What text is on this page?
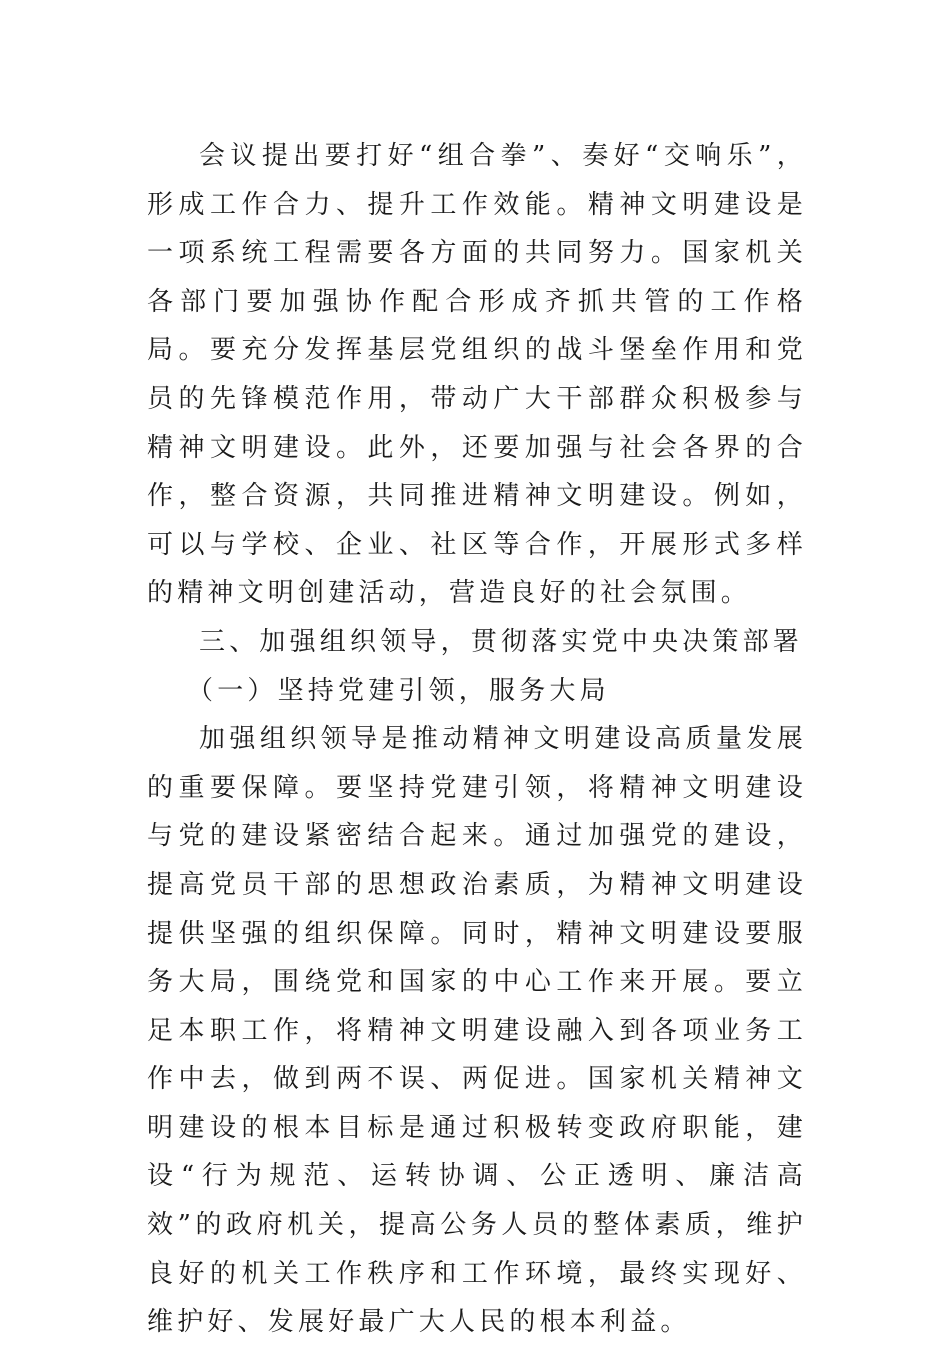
会议提出要打好“组合拳”、奏好“交响乐”，形成工作合力、提升工作效能。精神文明建设是一项系统工程需要各方面的共同努力。国家机关各部门要加强协作配合形成齐抓共管的工作格局。要充分发挥基层党组织的战斗堡垒作用和党员的先锋模范作用，带动广大干部群众积极参与精神文明建设。此外，还要加强与社会各界的合作，整合资源，共同推进精神文明建设。例如，可以与学校、企业、社区等合作，开展形式多样的精神文明创建活动，营造良好的社会氛围。

三、加强组织领导，贯彻落实党中央决策部署

（一）坚持党建引领，服务大局

加强组织领导是推动精神文明建设高质量发展的重要保障。要坚持党建引领，将精神文明建设与党的建设紧密结合起来。通过加强党的建设，提高党员干部的思想政治素质，为精神文明建设提供坚强的组织保障。同时，精神文明建设要服务大局，围绕党和国家的中心工作来开展。要立足本职工作，将精神文明建设融入到各项业务工作中去，做到两不误、两促进。国家机关精神文明建设的根本目标是通过积极转变政府职能，建设“行为规范、运转协调、公正透明、廉洁高效”的政府机关，提高公务人员的整体素质，维护良好的机关工作秩序和工作环境，最终实现好、维护好、发展好最广大人民的根本利益。
